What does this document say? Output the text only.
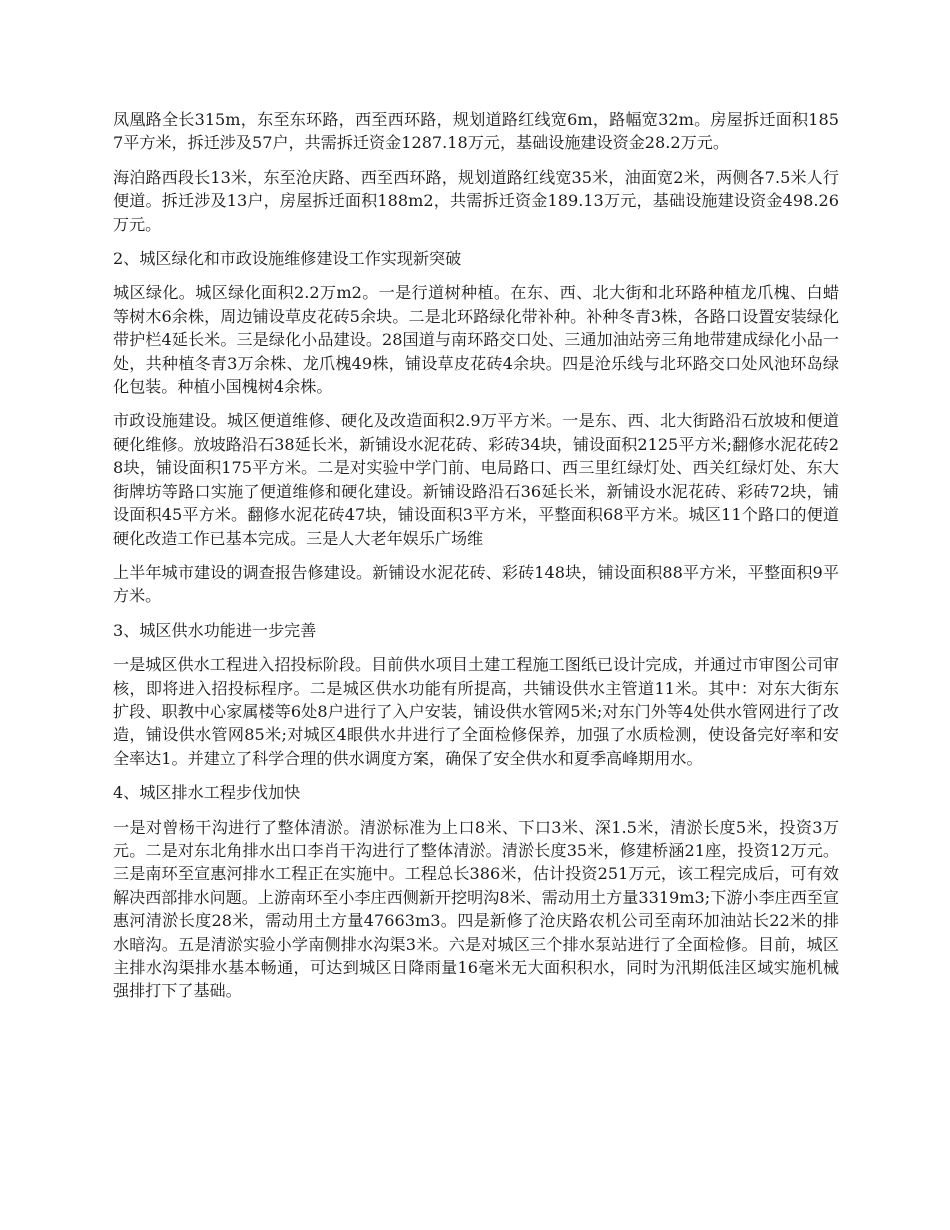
凤凰路全长315m，东至东环路，西至西环路，规划道路红线宽6m，路幅宽32m。房屋拆迁面积1857平方米，拆迁涉及57户，共需拆迁资金1287.18万元，基础设施建设资金28.2万元。

海泊路西段长13米，东至沧庆路、西至西环路，规划道路红线宽35米，油面宽2米，两侧各7.5米人行便道。拆迁涉及13户，房屋拆迁面积188m2，共需拆迁资金189.13万元，基础设施建设资金498.26万元。

2、城区绿化和市政设施维修建设工作实现新突破

城区绿化。城区绿化面积2.2万m2。一是行道树种植。在东、西、北大街和北环路种植龙爪槐、白蜡等树木6余株，周边铺设草皮花砖5余块。二是北环路绿化带补种。补种冬青3株，各路口设置安装绿化带护栏4延长米。三是绿化小品建设。28国道与南环路交口处、三通加油站旁三角地带建成绿化小品一处，共种植冬青3万余株、龙爪槐49株，铺设草皮花砖4余块。四是沧乐线与北环路交口处风池环岛绿化包装。种植小国槐树4余株。

市政设施建设。城区便道维修、硬化及改造面积2.9万平方米。一是东、西、北大街路沿石放坡和便道硬化维修。放坡路沿石38延长米，新铺设水泥花砖、彩砖34块，铺设面积2125平方米;翻修水泥花砖28块，铺设面积175平方米。二是对实验中学门前、电局路口、西三里红绿灯处、西关红绿灯处、东大街牌坊等路口实施了便道维修和硬化建设。新铺设路沿石36延长米，新铺设水泥花砖、彩砖72块，铺设面积45平方米。翻修水泥花砖47块，铺设面积3平方米，平整面积68平方米。城区11个路口的便道硬化改造工作已基本完成。三是人大老年娱乐广场维

上半年城市建设的调查报告修建设。新铺设水泥花砖、彩砖148块，铺设面积88平方米，平整面积9平方米。

3、城区供水功能进一步完善

一是城区供水工程进入招投标阶段。目前供水项目土建工程施工图纸已设计完成，并通过市审图公司审核，即将进入招投标程序。二是城区供水功能有所提高，共铺设供水主管道11米。其中：对东大街东扩段、职教中心家属楼等6处8户进行了入户安装，铺设供水管网5米;对东门外等4处供水管网进行了改造，铺设供水管网85米;对城区4眼供水井进行了全面检修保养，加强了水质检测，使设备完好率和安全率达1。并建立了科学合理的供水调度方案，确保了安全供水和夏季高峰期用水。

4、城区排水工程步伐加快

一是对曾杨干沟进行了整体清淤。清淤标准为上口8米、下口3米、深1.5米，清淤长度5米，投资3万元。二是对东北角排水出口李肖干沟进行了整体清淤。清淤长度35米，修建桥涵21座，投资12万元。三是南环至宣惠河排水工程正在实施中。工程总长386米，估计投资251万元，该工程完成后，可有效解决西部排水问题。上游南环至小李庄西侧新开挖明沟8米、需动用土方量3319m3;下游小李庄西至宣惠河清淤长度28米，需动用土方量47663m3。四是新修了沧庆路农机公司至南环加油站长22米的排水暗沟。五是清淤实验小学南侧排水沟渠3米。六是对城区三个排水泵站进行了全面检修。目前，城区主排水沟渠排水基本畅通，可达到城区日降雨量16毫米无大面积积水，同时为汛期低洼区域实施机械强排打下了基础。
